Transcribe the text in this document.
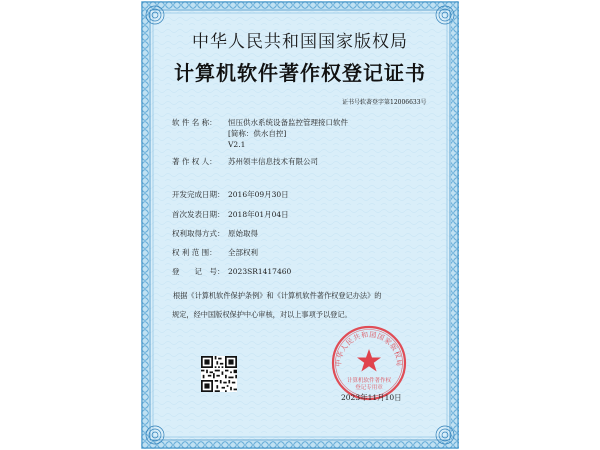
中华人民共和国国家版权局
计算机软件著作权登记证书
证书号：
软著登字第12006633号
软 件 名 称： 恒压供水系统设备监控管理接口软件
[简称：供水自控]
V2.1
著 作 权 人： 苏州领丰信息技术有限公司
开发完成日期： 2016年09月30日
首次发表日期： 2018年01月04日
权利取得方式： 原始取得
权 利 范 围： 全部权利
登　　记　号： 2023SR1417460
根据《计算机软件保护条例》和《计算机软件著作权登记办法》的
规定，经中国版权保护中心审核，对以上事项予以登记。
中华人民共和国国家版权局
计算机软件著作权
登记专用章
2023年11月10日
